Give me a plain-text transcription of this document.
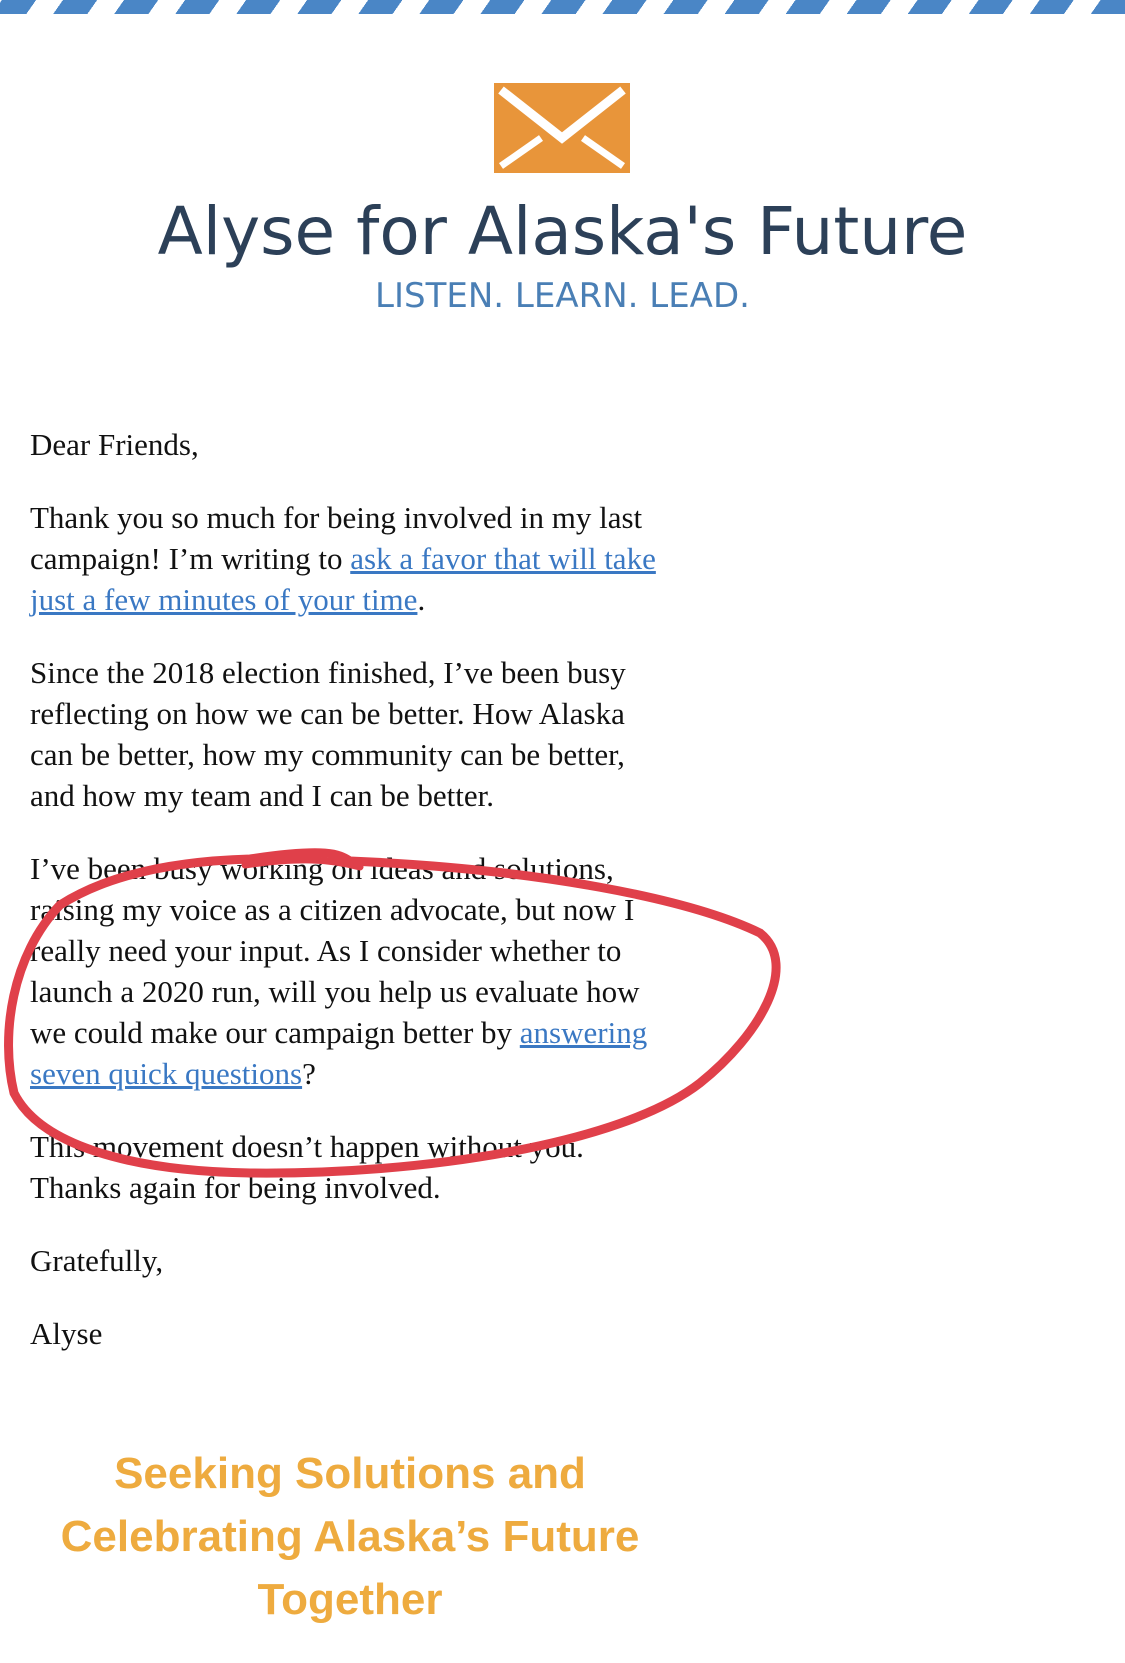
Alyse for Alaska's Future
LISTEN. LEARN. LEAD.

Dear Friends,

Thank you so much for being involved in my last campaign! I’m writing to ask a favor that will take just a few minutes of your time.

Since the 2018 election finished, I’ve been busy reflecting on how we can be better. How Alaska can be better, how my community can be better, and how my team and I can be better.

I’ve been busy working on ideas and solutions, raising my voice as a citizen advocate, but now I really need your input. As I consider whether to launch a 2020 run, will you help us evaluate how we could make our campaign better by answering seven quick questions?

This movement doesn’t happen without you. Thanks again for being involved.

Gratefully,

Alyse

Seeking Solutions and Celebrating Alaska’s Future Together
